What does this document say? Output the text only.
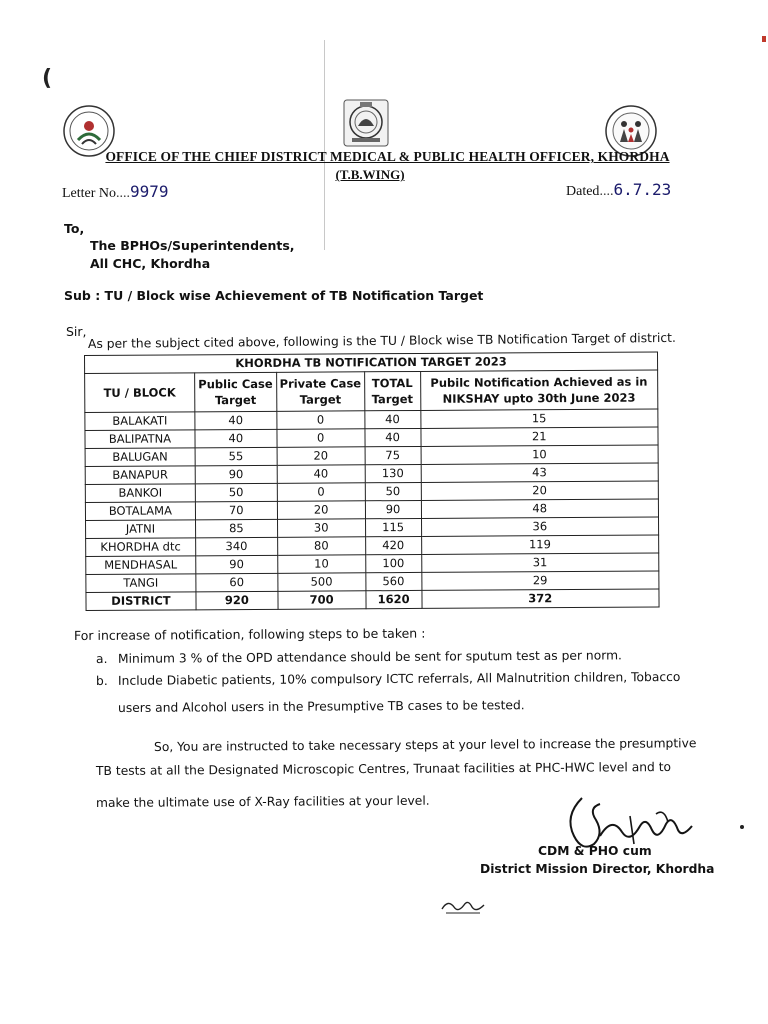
(
OFFICE OF THE CHIEF DISTRICT MEDICAL & PUBLIC HEALTH OFFICER, KHORDHA
(T.B.WING)
Letter No....9979	Dated....6.7.23
To,
The BPHOs/Superintendents,
All CHC, Khordha
Sub : TU / Block wise Achievement of TB Notification Target
Sir, As per the subject cited above, following is the TU / Block wise TB Notification Target of district.
KHORDHA TB NOTIFICATION TARGET 2023				
TU / BLOCK	Public Case Target	Private Case Target	TOTAL Target	Pubilc Notification Achieved as in NIKSHAY upto 30th June 2023
BALAKATI	40	0	40	15
BALIPATNA	40	0	40	21
BALUGAN	55	20	75	10
BANAPUR	90	40	130	43
BANKOI	50	0	50	20
BOTALAMA	70	20	90	48
JATNI	85	30	115	36
KHORDHA dtc	340	80	420	119
MENDHASAL	90	10	100	31
TANGI	60	500	560	29
DISTRICT	920	700	1620	372
For increase of notification, following steps to be taken :
a. Minimum 3 % of the OPD attendance should be sent for sputum test as per norm.
b. Include Diabetic patients, 10% compulsory ICTC referrals, All Malnutrition children, Tobacco
users and Alcohol users in the Presumptive TB cases to be tested.
So, You are instructed to take necessary steps at your level to increase the presumptive
TB tests at all the Designated Microscopic Centres, Trunaat facilities at PHC-HWC level and to
make the ultimate use of X-Ray facilities at your level.
CDM & PHO cum
District Mission Director, Khordha
